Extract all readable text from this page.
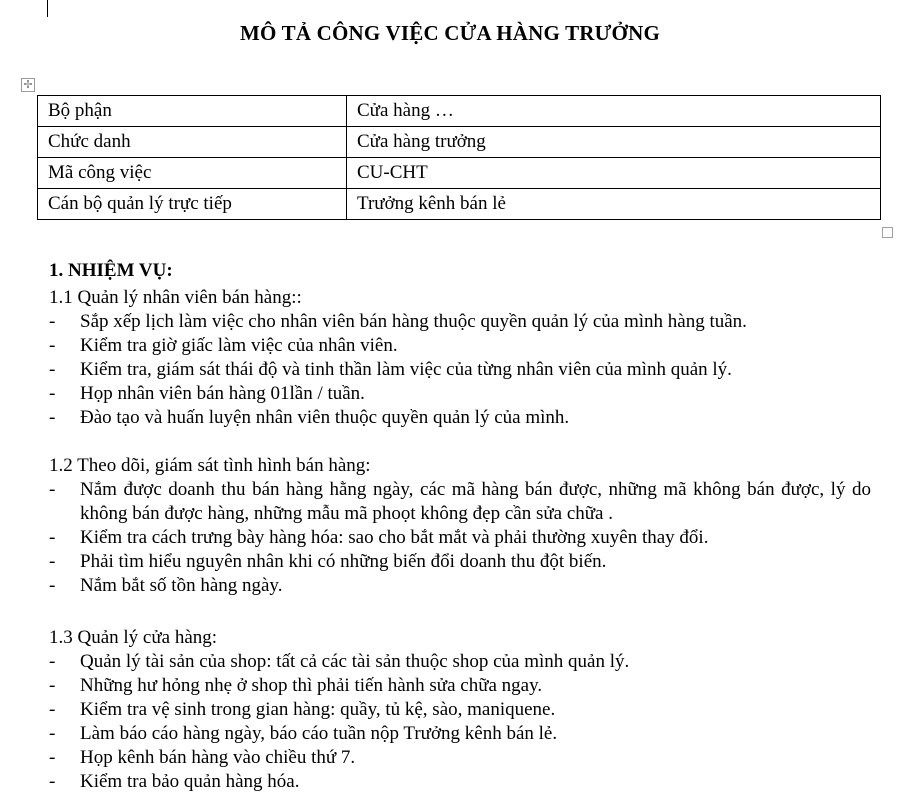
MÔ TẢ CÔNG VIỆC CỬA HÀNG TRƯỞNG
✢
Bộ phận	Cửa hàng …
Chức danh	Cửa hàng trưởng
Mã công việc	CU-CHT
Cán bộ quản lý trực tiếp	Trưởng kênh bán lẻ
1. NHIỆM VỤ:
1.1 Quản lý nhân viên bán hàng::
-	Sắp xếp lịch làm việc cho nhân viên bán hàng thuộc quyền quản lý của mình hàng tuần.
-	Kiểm tra giờ giấc làm việc của nhân viên.
-	Kiểm tra, giám sát thái độ và tinh thần làm việc của từng nhân viên của mình quản lý.
-	Họp nhân viên bán hàng 01lần / tuần.
-	Đào tạo và huấn luyện nhân viên thuộc quyền quản lý của mình.
1.2 Theo dõi, giám sát tình hình bán hàng:
-	Nắm được doanh thu bán hàng hằng ngày, các mã hàng bán được, những mã không bán được, lý do không bán được hàng, những mẫu mã phoọt không đẹp cần sửa chữa .
-	Kiểm tra cách trưng bày hàng hóa: sao cho bắt mắt và phải thường xuyên thay đổi.
-	Phải tìm hiểu nguyên nhân khi có những biến đổi doanh thu đột biến.
-	Nắm bắt số tồn hàng ngày.
1.3 Quản lý cửa hàng:
-	Quản lý tài sản của shop: tất cả các tài sản thuộc shop của mình quản lý.
-	Những hư hỏng nhẹ ở shop thì phải tiến hành sửa chữa ngay.
-	Kiểm tra vệ sinh trong gian hàng: quầy, tủ kệ, sào, maniquene.
-	Làm báo cáo hàng ngày, báo cáo tuần nộp Trưởng kênh bán lẻ.
-	Họp kênh bán hàng vào chiều thứ 7.
-	Kiểm tra bảo quản hàng hóa.
